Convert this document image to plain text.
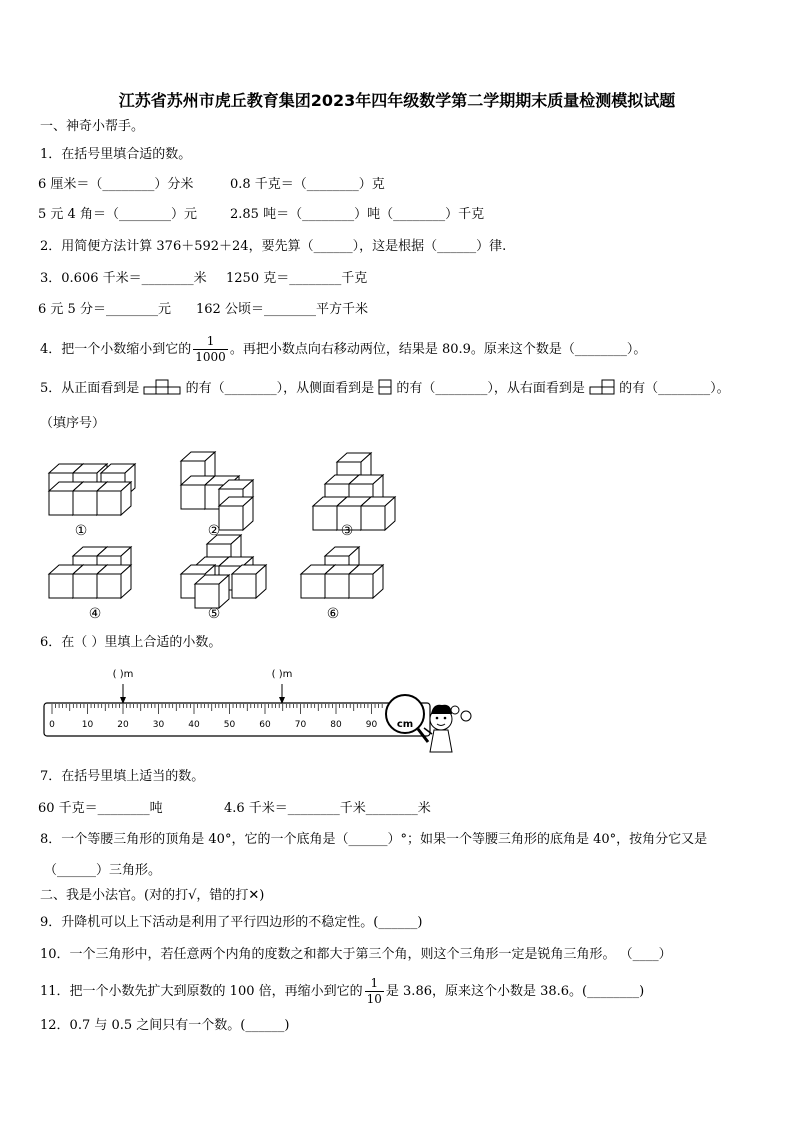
江苏省苏州市虎丘教育集团2023年四年级数学第二学期期末质量检测模拟试题
一、神奇小帮手。
1．在括号里填合适的数。
6 厘米＝（________）分米	0.8 千克＝（________）克
5 元 4 角＝（________）元	2.85 吨＝（________）吨（________）千克
2．用简便方法计算 376＋592＋24，要先算（______），这是根据（______）律.
3．0.606 千米＝________米 1250 克＝________千克
6 元 5 分＝________元 162 公顷＝________平方千米
4．把一个小数缩小到它的 $\frac{1}{1000}$ 。再把小数点向右移动两位，结果是 80.9。原来这个数是（________）。
5．从正面看到是	的有（________），从侧面看到是 的有（________），从右面看到是	的有（________）。
（填序号）
①	②	③
④	⑤	⑥
6．在（ ）里填上合适的小数。
0	10	20	30	40	50	60	70	80	90
( )m	( )m
cm
7．在括号里填上适当的数。
60 千克＝________吨	4.6 千米＝________千米________米
8．一个等腰三角形的顶角是 40°，它的一个底角是（______）°；如果一个等腰三角形的底角是 40°，按角分它又是
（______）三角形。
二、我是小法官。(对的打√，错的打✕)
9．升降机可以上下活动是利用了平行四边形的不稳定性。(______)
10．一个三角形中，若任意两个内角的度数之和都大于第三个角，则这个三角形一定是锐角三角形。 （____）
11．把一个小数先扩大到原数的 100 倍，再缩小到它的 $\frac{1}{10}$ 是 3.86，原来这个小数是 38.6。(________)
12．0.7 与 0.5 之间只有一个数。(______)
